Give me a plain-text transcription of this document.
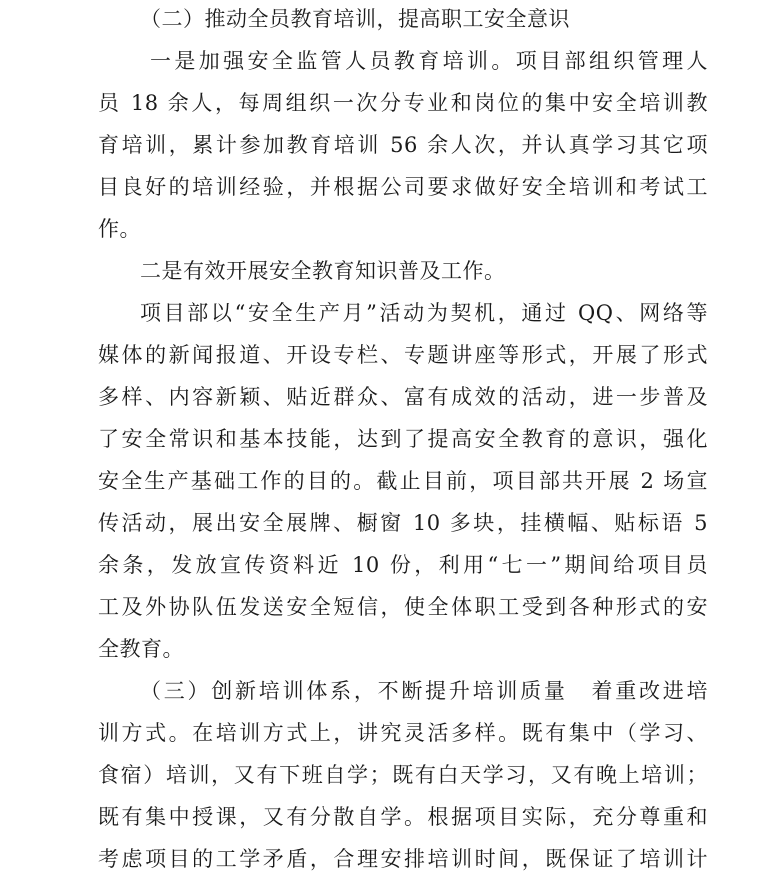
（二）推动全员教育培训，提高职工安全意识
一是加强安全监管人员教育培训。项目部组织管理人
员 18 余人，每周组织一次分专业和岗位的集中安全培训教
育培训，累计参加教育培训 56 余人次，并认真学习其它项
目良好的培训经验，并根据公司要求做好安全培训和考试工
作。
二是有效开展安全教育知识普及工作。
项目部以“安全生产月”活动为契机，通过 QQ、网络等
媒体的新闻报道、开设专栏、专题讲座等形式，开展了形式
多样、内容新颖、贴近群众、富有成效的活动，进一步普及
了安全常识和基本技能，达到了提高安全教育的意识，强化
安全生产基础工作的目的。截止目前，项目部共开展 2 场宣
传活动，展出安全展牌、橱窗 10 多块，挂横幅、贴标语 5
余条，发放宣传资料近 10 份，利用“七一”期间给项目员
工及外协队伍发送安全短信，使全体职工受到各种形式的安
全教育。
（三）创新培训体系，不断提升培训质量　着重改进培
训方式。在培训方式上，讲究灵活多样。既有集中（学习、
食宿）培训，又有下班自学；既有白天学习，又有晚上培训；
既有集中授课，又有分散自学。根据项目实际，充分尊重和
考虑项目的工学矛盾，合理安排培训时间，既保证了培训计
